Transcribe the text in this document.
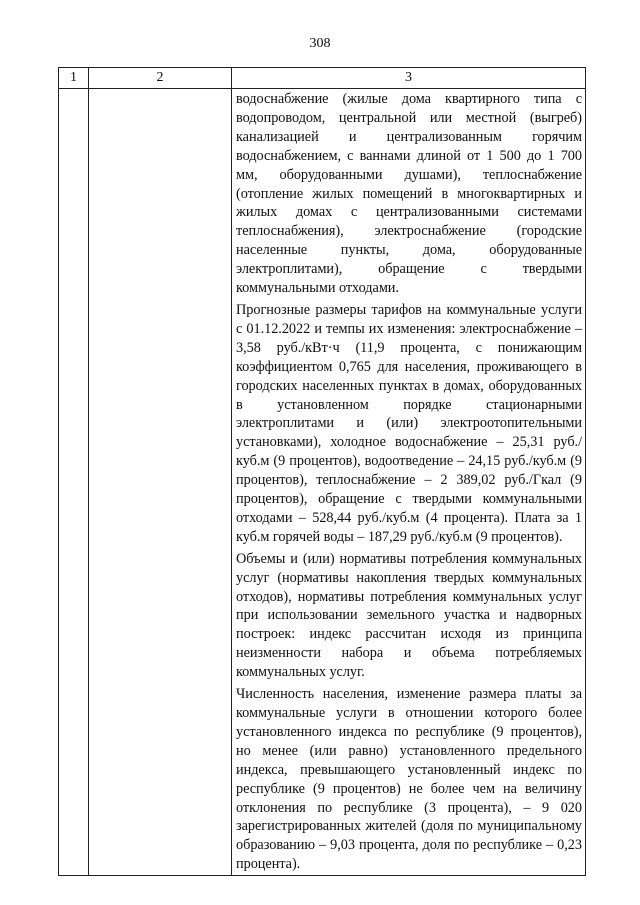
308
1	2	3

		водоснабжение (жилые дома квартирного типа с водопроводом, центральной или местной (выгреб) канализацией и централизованным горячим водоснабжением, с ваннами длиной от 1 500 до 1 700 мм, оборудованными душами), теплоснабжение (отопление жилых помещений в многоквартирных и жилых домах с централизованными системами теплоснабжения), электроснабжение (городские населенные пункты, дома, оборудованные электроплитами), обращение с твердыми коммунальными отходами.

Прогнозные размеры тарифов на коммунальные услуги с 01.12.2022 и темпы их изменения: электроснабжение – 3,58 руб./кВт·ч (11,9 процента, с понижающим коэффициентом 0,765 для населения, проживающего в городских населенных пунктах в домах, оборудованных в установленном порядке стационарными электроплитами и (или) электроотопительными установками), холодное водоснабжение – 25,31 руб./куб.м (9 процентов), водоотведение – 24,15 руб./куб.м (9 процентов), теплоснабжение – 2 389,02 руб./Гкал (9 процентов), обращение с твердыми коммунальными отходами – 528,44 руб./куб.м (4 процента). Плата за 1 куб.м горячей воды – 187,29 руб./куб.м (9 процентов).

Объемы и (или) нормативы потребления коммунальных услуг (нормативы накопления твердых коммунальных отходов), нормативы потребления коммунальных услуг при использовании земельного участка и надворных построек: индекс рассчитан исходя из принципа неизменности набора и объема потребляемых коммунальных услуг.

Численность населения, изменение размера платы за коммунальные услуги в отношении которого более установленного индекса по республике (9 процентов), но менее (или равно) установленного предельного индекса, превышающего установленный индекс по республике (9 процентов) не более чем на величину отклонения по республике (3 процента), – 9 020 зарегистрированных жителей (доля по муниципальному образованию – 9,03 процента, доля по республике – 0,23 процента).
